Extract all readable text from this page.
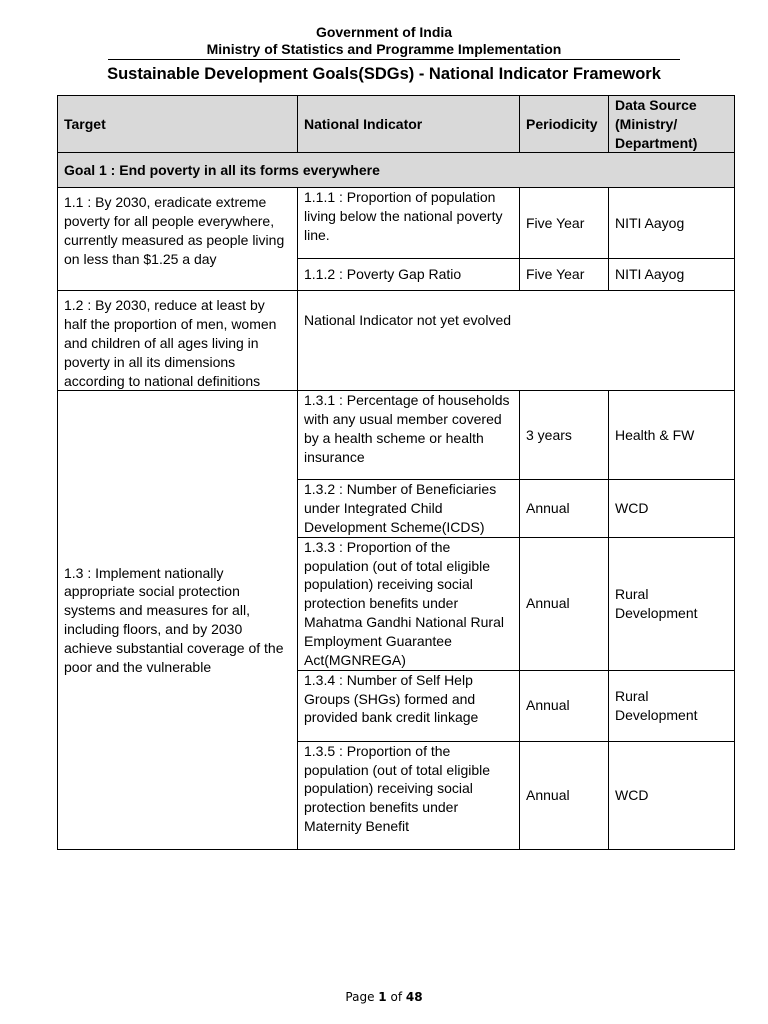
Government of India
Ministry of Statistics and Programme Implementation
Sustainable Development Goals(SDGs) - National Indicator Framework
Target	National Indicator	Periodicity	Data Source (Ministry/ Department)
Goal 1 : End poverty in all its forms everywhere			
1.1 : By 2030, eradicate extreme poverty for all people everywhere, currently measured as people living on less than $1.25 a day	1.1.1 : Proportion of population living below the national poverty line.	Five Year	NITI Aayog
	1.1.2 : Poverty Gap Ratio	Five Year	NITI Aayog
1.2 : By 2030, reduce at least by half the proportion of men, women and children of all ages living in poverty in all its dimensions according to national definitions	National Indicator not yet evolved		
1.3 : Implement nationally appropriate social protection systems and measures for all, including floors, and by 2030 achieve substantial coverage of the poor and the vulnerable	1.3.1 : Percentage of households with any usual member covered by a health scheme or health insurance	3 years	Health & FW
	1.3.2 : Number of Beneficiaries under Integrated Child Development Scheme(ICDS)	Annual	WCD
	1.3.3 : Proportion of the population (out of total eligible population) receiving social protection benefits under Mahatma Gandhi National Rural Employment Guarantee Act(MGNREGA)	Annual	Rural Development
	1.3.4 : Number of Self Help Groups (SHGs) formed and provided bank credit linkage	Annual	Rural Development
	1.3.5 : Proportion of the population (out of total eligible population) receiving social protection benefits under Maternity Benefit	Annual	WCD
Page 1 of 48
